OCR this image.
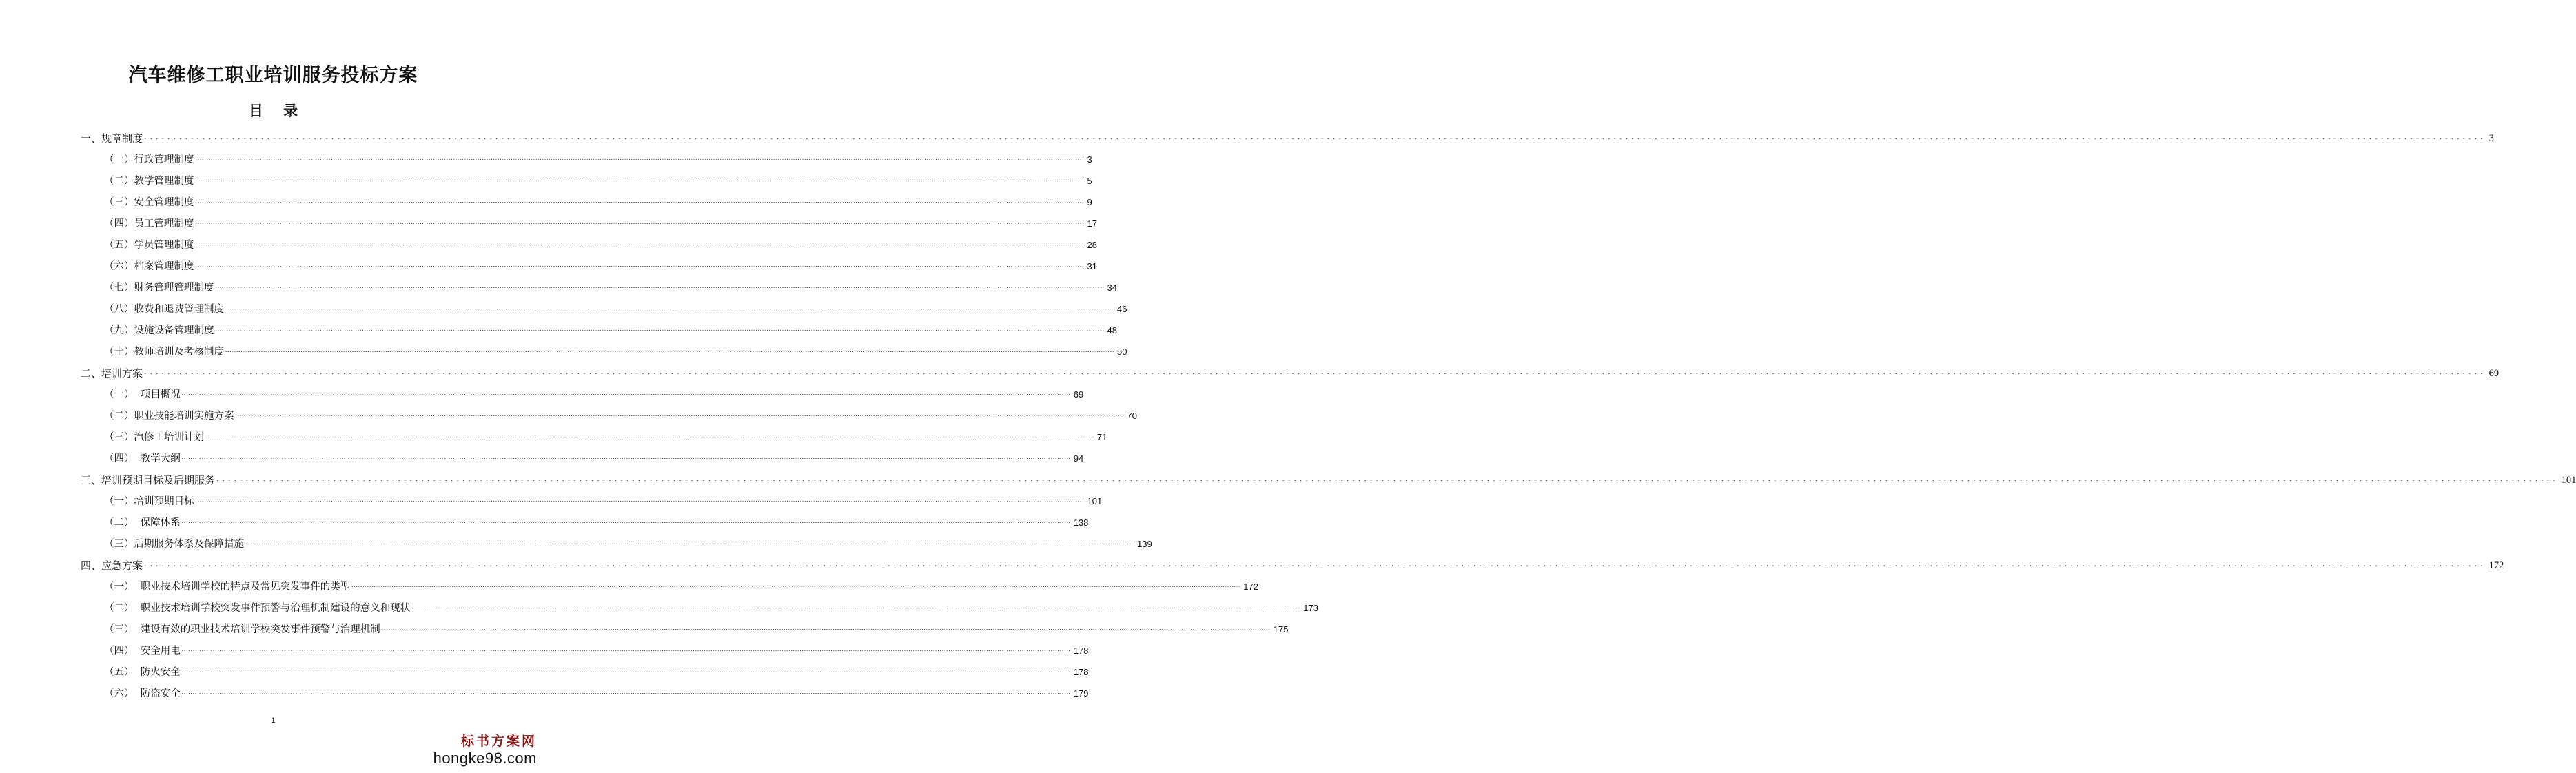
汽车维修工职业培训服务投标方案
目 录
一、规章制度 ................................................................................................................................................................................................................................................................................................................................................................................................................ 3
（一）行政管理制度 ................................................................................................................................................................................................................................................................................................................................................................................................................ 3
（二）教学管理制度 ................................................................................................................................................................................................................................................................................................................................................................................................................ 5
（三）安全管理制度 ................................................................................................................................................................................................................................................................................................................................................................................................................ 9
（四）员工管理制度 ................................................................................................................................................................................................................................................................................................................................................................................................................ 17
（五）学员管理制度 ................................................................................................................................................................................................................................................................................................................................................................................................................ 28
（六）档案管理制度 ................................................................................................................................................................................................................................................................................................................................................................................................................ 31
（七）财务管理管理制度 ................................................................................................................................................................................................................................................................................................................................................................................................................ 34
（八）收费和退费管理制度 ................................................................................................................................................................................................................................................................................................................................................................................................................ 46
（九）设施设备管理制度 ................................................................................................................................................................................................................................................................................................................................................................................................................ 48
（十）教师培训及考核制度 ................................................................................................................................................................................................................................................................................................................................................................................................................ 50
二、培训方案 ................................................................................................................................................................................................................................................................................................................................................................................................................ 69
（一）  项目概况 ................................................................................................................................................................................................................................................................................................................................................................................................................ 69
（二）职业技能培训实施方案 ................................................................................................................................................................................................................................................................................................................................................................................................................ 70
（三）汽修工培训计划 ................................................................................................................................................................................................................................................................................................................................................................................................................ 71
（四）  教学大纲 ................................................................................................................................................................................................................................................................................................................................................................................................................ 94
三、培训预期目标及后期服务 ................................................................................................................................................................................................................................................................................................................................................................................................................ 101
（一）培训预期目标 ................................................................................................................................................................................................................................................................................................................................................................................................................ 101
（二）  保障体系 ................................................................................................................................................................................................................................................................................................................................................................................................................ 138
（三）后期服务体系及保障措施 ................................................................................................................................................................................................................................................................................................................................................................................................................ 139
四、应急方案 ................................................................................................................................................................................................................................................................................................................................................................................................................ 172
（一）  职业技术培训学校的特点及常见突发事件的类型 ................................................................................................................................................................................................................................................................................................................................................................................................................ 172
（二）  职业技术培训学校突发事件预警与治理机制建设的意义和现状 ................................................................................................................................................................................................................................................................................................................................................................................................................ 173
（三）  建设有效的职业技术培训学校突发事件预警与治理机制 ................................................................................................................................................................................................................................................................................................................................................................................................................ 175
（四）  安全用电 ................................................................................................................................................................................................................................................................................................................................................................................................................ 178
（五）  防火安全 ................................................................................................................................................................................................................................................................................................................................................................................................................ 178
（六）  防盗安全 ................................................................................................................................................................................................................................................................................................................................................................................................................ 179
1
标书方案网
hongke98.com
